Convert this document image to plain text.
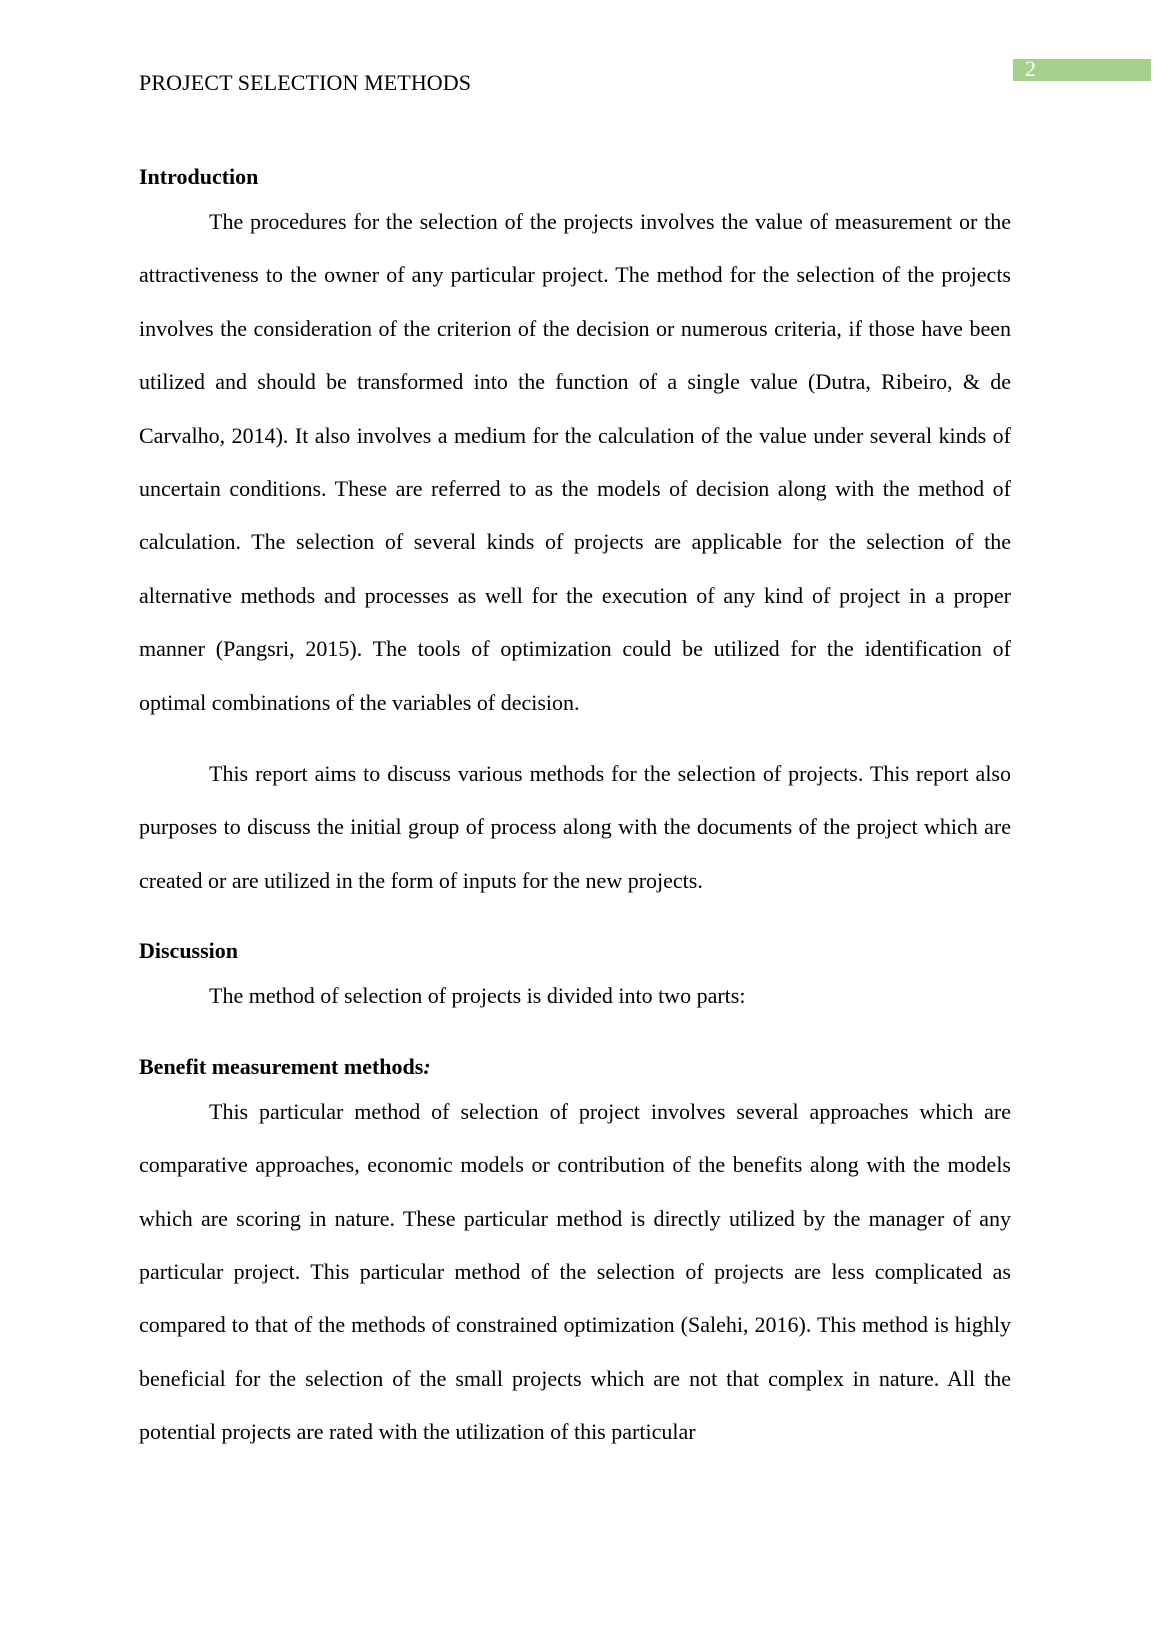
2
PROJECT SELECTION METHODS
Introduction

The procedures for the selection of the projects involves the value of measurement or the attractiveness to the owner of any particular project. The method for the selection of the projects involves the consideration of the criterion of the decision or numerous criteria, if those have been utilized and should be transformed into the function of a single value (Dutra, Ribeiro, & de Carvalho, 2014). It also involves a medium for the calculation of the value under several kinds of uncertain conditions. These are referred to as the models of decision along with the method of calculation. The selection of several kinds of projects are applicable for the selection of the alternative methods and processes as well for the execution of any kind of project in a proper manner (Pangsri, 2015). The tools of optimization could be utilized for the identification of optimal combinations of the variables of decision.

This report aims to discuss various methods for the selection of projects. This report also purposes to discuss the initial group of process along with the documents of the project which are created or are utilized in the form of inputs for the new projects.

Discussion

The method of selection of projects is divided into two parts:

Benefit measurement methods:

This particular method of selection of project involves several approaches which are comparative approaches, economic models or contribution of the benefits along with the models which are scoring in nature. These particular method is directly utilized by the manager of any particular project. This particular method of the selection of projects are less complicated as compared to that of the methods of constrained optimization (Salehi, 2016). This method is highly beneficial for the selection of the small projects which are not that complex in nature. All the potential projects are rated with the utilization of this particular
